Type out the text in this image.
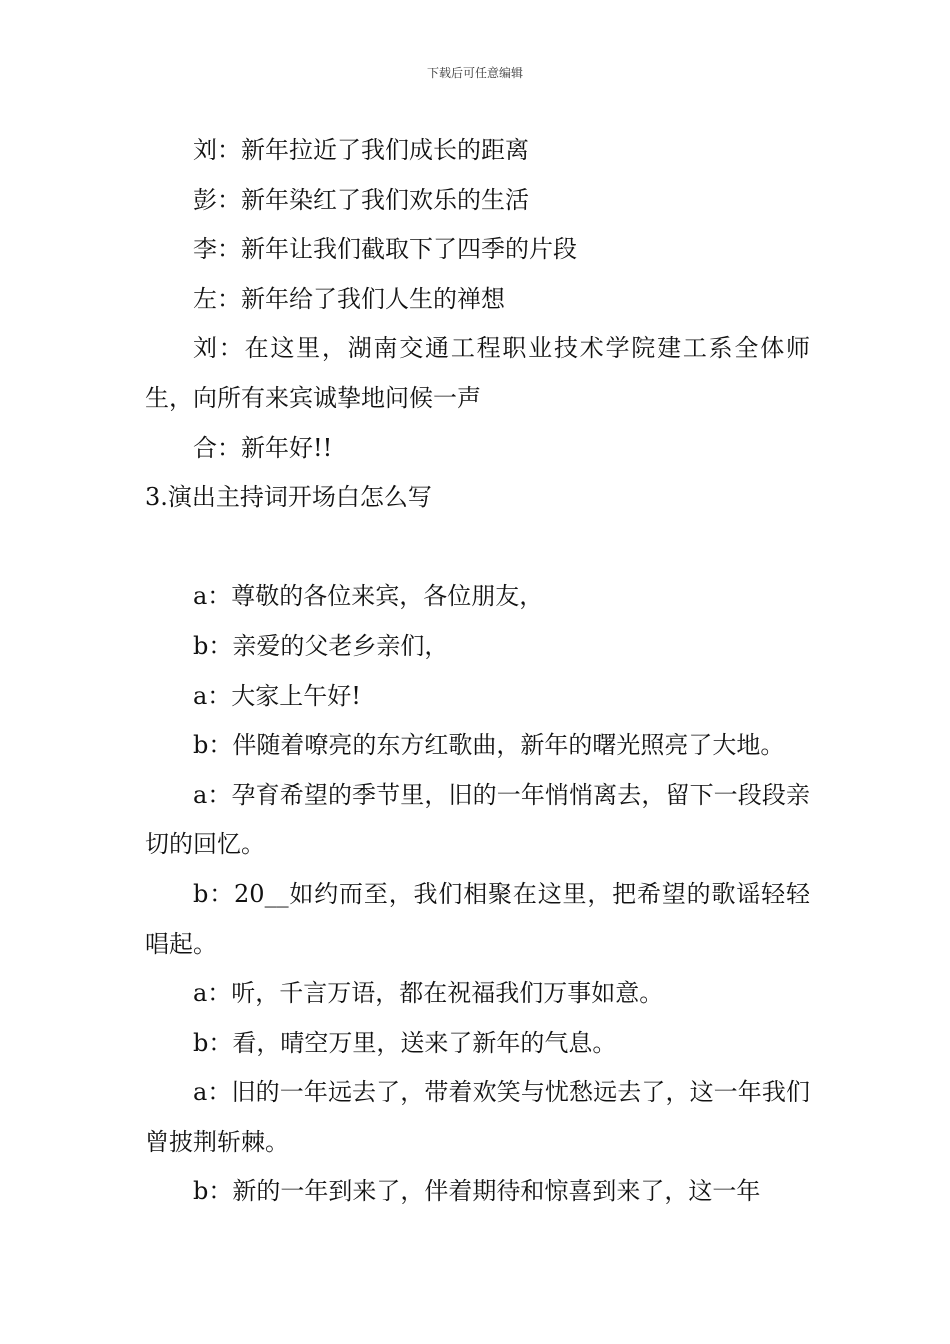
下载后可任意编辑

刘：新年拉近了我们成长的距离

彭：新年染红了我们欢乐的生活

李：新年让我们截取下了四季的片段

左：新年给了我们人生的禅想

刘：在这里，湖南交通工程职业技术学院建工系全体师生，向所有来宾诚挚地问候一声

合：新年好!!

3.演出主持词开场白怎么写

a：尊敬的各位来宾，各位朋友，

b：亲爱的父老乡亲们，

a：大家上午好!

b：伴随着嘹亮的东方红歌曲，新年的曙光照亮了大地。

a：孕育希望的季节里，旧的一年悄悄离去，留下一段段亲切的回忆。

b：20__如约而至，我们相聚在这里，把希望的歌谣轻轻唱起。

a：听，千言万语，都在祝福我们万事如意。

b：看，晴空万里，送来了新年的气息。

a：旧的一年远去了，带着欢笑与忧愁远去了，这一年我们曾披荆斩棘。

b：新的一年到来了，伴着期待和惊喜到来了，这一年
